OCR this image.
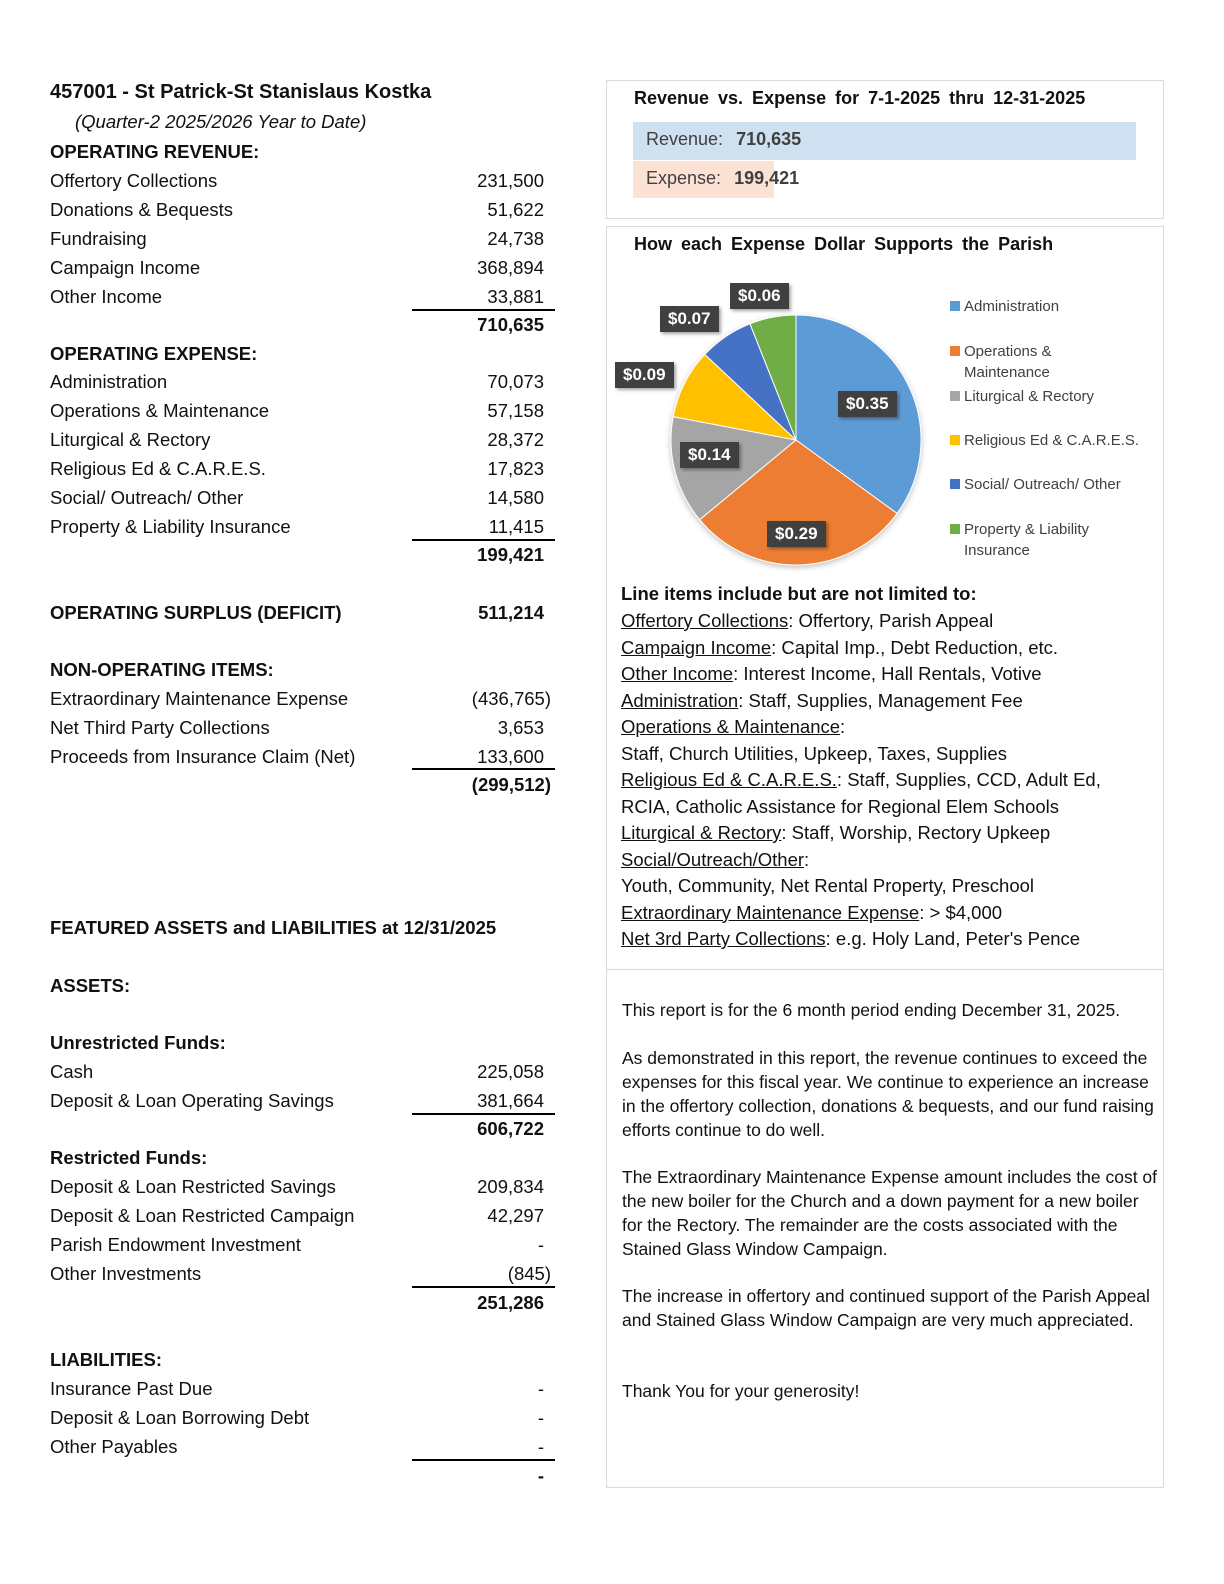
457001 - St Patrick-St Stanislaus Kostka
(Quarter-2 2025/2026 Year to Date)
OPERATING REVENUE:
Offertory Collections	231,500
Donations & Bequests	51,622
Fundraising	24,738
Campaign Income	368,894
Other Income	33,881
710,635
OPERATING EXPENSE:
Administration	70,073
Operations & Maintenance	57,158
Liturgical & Rectory	28,372
Religious Ed & C.A.R.E.S.	17,823
Social/ Outreach/ Other	14,580
Property & Liability Insurance	11,415
199,421
OPERATING SURPLUS (DEFICIT)	511,214
NON-OPERATING ITEMS:
Extraordinary Maintenance Expense	(436,765)
Net Third Party Collections	3,653
Proceeds from Insurance Claim (Net)	133,600
(299,512)
FEATURED ASSETS and LIABILITIES at 12/31/2025
ASSETS:
Unrestricted Funds:
Cash	225,058
Deposit & Loan Operating Savings	381,664
606,722
Restricted Funds:
Deposit & Loan Restricted Savings	209,834
Deposit & Loan Restricted Campaign	42,297
Parish Endowment Investment	-
Other Investments	(845)
251,286
LIABILITIES:
Insurance Past Due	-
Deposit & Loan Borrowing Debt	-
Other Payables	-
-
Revenue vs. Expense for 7-1-2025 thru 12-31-2025
Revenue: 710,635
Expense: 199,421
How each Expense Dollar Supports the Parish
$0.35
$0.29
$0.14
$0.09
$0.07
$0.06
Administration
Operations & Maintenance
Liturgical & Rectory
Religious Ed & C.A.R.E.S.
Social/ Outreach/ Other
Property & Liability Insurance
Line items include but are not limited to:
Offertory Collections: Offertory, Parish Appeal
Campaign Income: Capital Imp., Debt Reduction, etc.
Other Income: Interest Income, Hall Rentals, Votive
Administration: Staff, Supplies, Management Fee
Operations & Maintenance:
Staff, Church Utilities, Upkeep, Taxes, Supplies
Religious Ed & C.A.R.E.S.: Staff, Supplies, CCD, Adult Ed,
RCIA, Catholic Assistance for Regional Elem Schools
Liturgical & Rectory: Staff, Worship, Rectory Upkeep
Social/Outreach/Other:
Youth, Community, Net Rental Property, Preschool
Extraordinary Maintenance Expense: > $4,000
Net 3rd Party Collections: e.g. Holy Land, Peter's Pence
This report is for the 6 month period ending December 31, 2025.
As demonstrated in this report, the revenue continues to exceed the expenses for this fiscal year. We continue to experience an increase in the offertory collection, donations & bequests, and our fund raising efforts continue to do well.
The Extraordinary Maintenance Expense amount includes the cost of the new boiler for the Church and a down payment for a new boiler for the Rectory. The remainder are the costs associated with the Stained Glass Window Campaign.
The increase in offertory and continued support of the Parish Appeal and Stained Glass Window Campaign are very much appreciated.
Thank You for your generosity!
